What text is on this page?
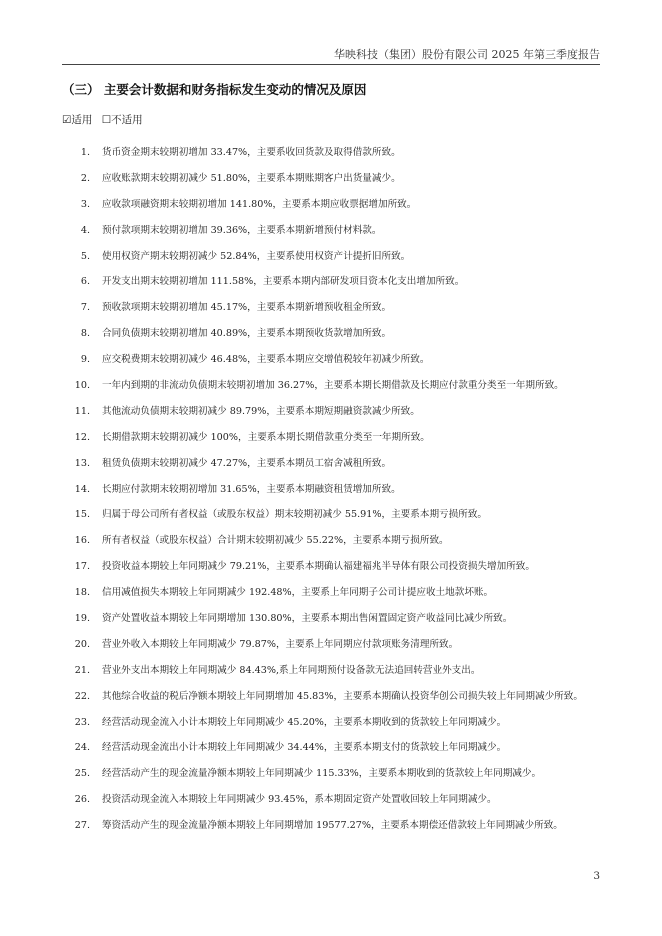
华映科技（集团）股份有限公司 2025 年第三季度报告
（三） 主要会计数据和财务指标发生变动的情况及原因
☑适用 ☐不适用
1. 货币资金期末较期初增加 33.47%，主要系收回货款及取得借款所致。
2. 应收账款期末较期初减少 51.80%，主要系本期账期客户出货量减少。
3. 应收款项融资期末较期初增加 141.80%，主要系本期应收票据增加所致。
4. 预付款项期末较期初增加 39.36%，主要系本期新增预付材料款。
5. 使用权资产期末较期初减少 52.84%，主要系使用权资产计提折旧所致。
6. 开发支出期末较期初增加 111.58%，主要系本期内部研发项目资本化支出增加所致。
7. 预收款项期末较期初增加 45.17%，主要系本期新增预收租金所致。
8. 合同负债期末较期初增加 40.89%，主要系本期预收货款增加所致。
9. 应交税费期末较期初减少 46.48%，主要系本期应交增值税较年初减少所致。
10. 一年内到期的非流动负债期末较期初增加 36.27%，主要系本期长期借款及长期应付款重分类至一年期所致。
11. 其他流动负债期末较期初减少 89.79%，主要系本期短期融资款减少所致。
12. 长期借款期末较期初减少 100%，主要系本期长期借款重分类至一年期所致。
13. 租赁负债期末较期初减少 47.27%，主要系本期员工宿舍减租所致。
14. 长期应付款期末较期初增加 31.65%，主要系本期融资租赁增加所致。
15. 归属于母公司所有者权益（或股东权益）期末较期初减少 55.91%，主要系本期亏损所致。
16. 所有者权益（或股东权益）合计期末较期初减少 55.22%，主要系本期亏损所致。
17. 投资收益本期较上年同期减少 79.21%，主要系本期确认福建福兆半导体有限公司投资损失增加所致。
18. 信用减值损失本期较上年同期减少 192.48%，主要系上年同期子公司计提应收土地款坏账。
19. 资产处置收益本期较上年同期增加 130.80%，主要系本期出售闲置固定资产收益同比减少所致。
20. 营业外收入本期较上年同期减少 79.87%，主要系上年同期应付款项账务清理所致。
21. 营业外支出本期较上年同期减少 84.43%,系上年同期预付设备款无法追回转营业外支出。
22. 其他综合收益的税后净额本期较上年同期增加 45.83%，主要系本期确认投资华创公司损失较上年同期减少所致。
23. 经营活动现金流入小计本期较上年同期减少 45.20%，主要系本期收到的货款较上年同期减少。
24. 经营活动现金流出小计本期较上年同期减少 34.44%，主要系本期支付的货款较上年同期减少。
25. 经营活动产生的现金流量净额本期较上年同期减少 115.33%，主要系本期收到的货款较上年同期减少。
26. 投资活动现金流入本期较上年同期减少 93.45%，系本期固定资产处置收回较上年同期减少。
27. 筹资活动产生的现金流量净额本期较上年同期增加 19577.27%，主要系本期偿还借款较上年同期减少所致。
3
